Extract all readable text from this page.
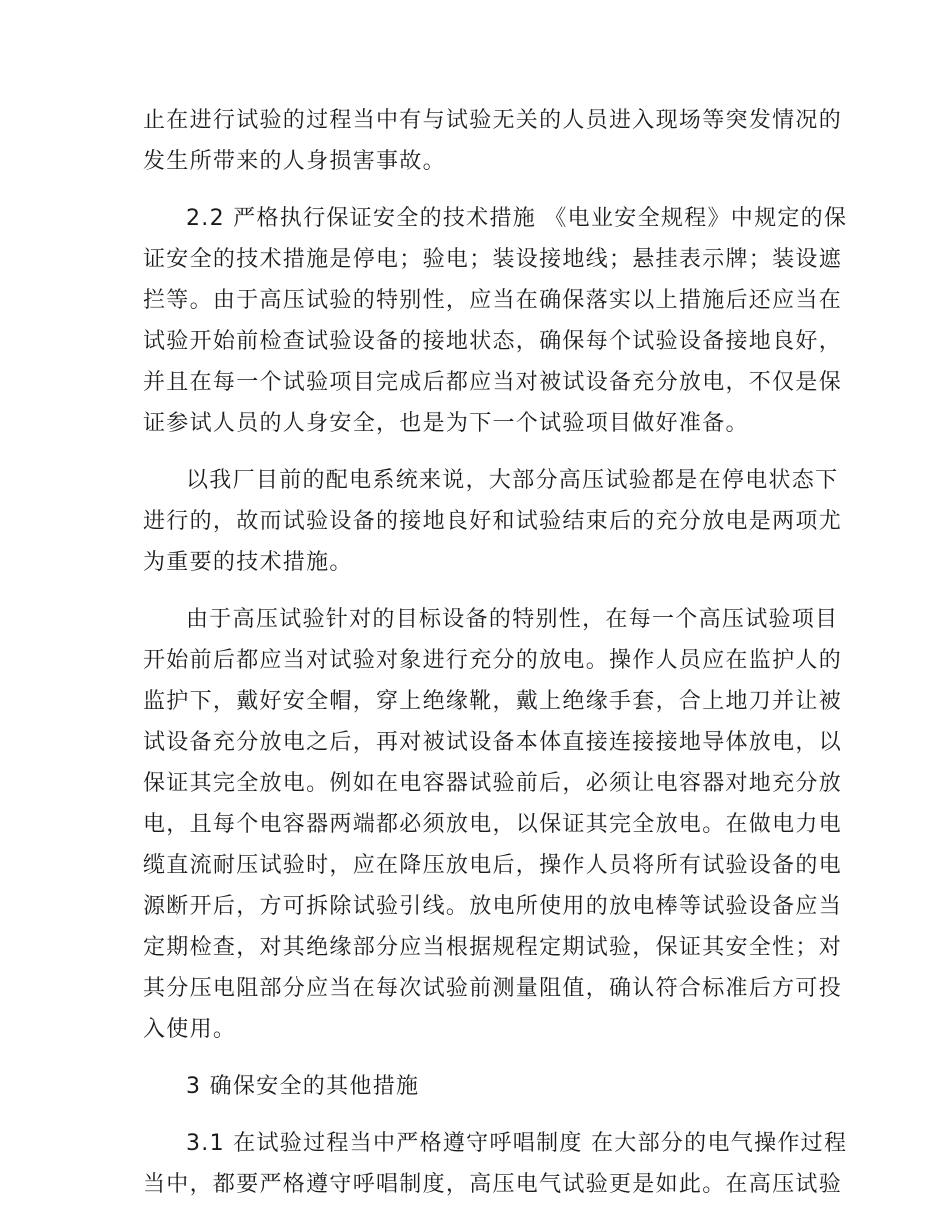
止在进行试验的过程当中有与试验无关的人员进入现场等突发情况的
发生所带来的人身损害事故。
2.2 严格执行保证安全的技术措施 《电业安全规程》中规定的保
证安全的技术措施是停电；验电；装设接地线；悬挂表示牌；装设遮
拦等。由于高压试验的特别性，应当在确保落实以上措施后还应当在
试验开始前检查试验设备的接地状态，确保每个试验设备接地良好，
并且在每一个试验项目完成后都应当对被试设备充分放电，不仅是保
证参试人员的人身安全，也是为下一个试验项目做好准备。
以我厂目前的配电系统来说，大部分高压试验都是在停电状态下
进行的，故而试验设备的接地良好和试验结束后的充分放电是两项尤
为重要的技术措施。
由于高压试验针对的目标设备的特别性，在每一个高压试验项目
开始前后都应当对试验对象进行充分的放电。操作人员应在监护人的
监护下，戴好安全帽，穿上绝缘靴，戴上绝缘手套，合上地刀并让被
试设备充分放电之后，再对被试设备本体直接连接接地导体放电，以
保证其完全放电。例如在电容器试验前后，必须让电容器对地充分放
电，且每个电容器两端都必须放电，以保证其完全放电。在做电力电
缆直流耐压试验时，应在降压放电后，操作人员将所有试验设备的电
源断开后，方可拆除试验引线。放电所使用的放电棒等试验设备应当
定期检查，对其绝缘部分应当根据规程定期试验，保证其安全性；对
其分压电阻部分应当在每次试验前测量阻值，确认符合标准后方可投
入使用。
3 确保安全的其他措施
3.1 在试验过程当中严格遵守呼唱制度 在大部分的电气操作过程
当中，都要严格遵守呼唱制度，高压电气试验更是如此。在高压试验
